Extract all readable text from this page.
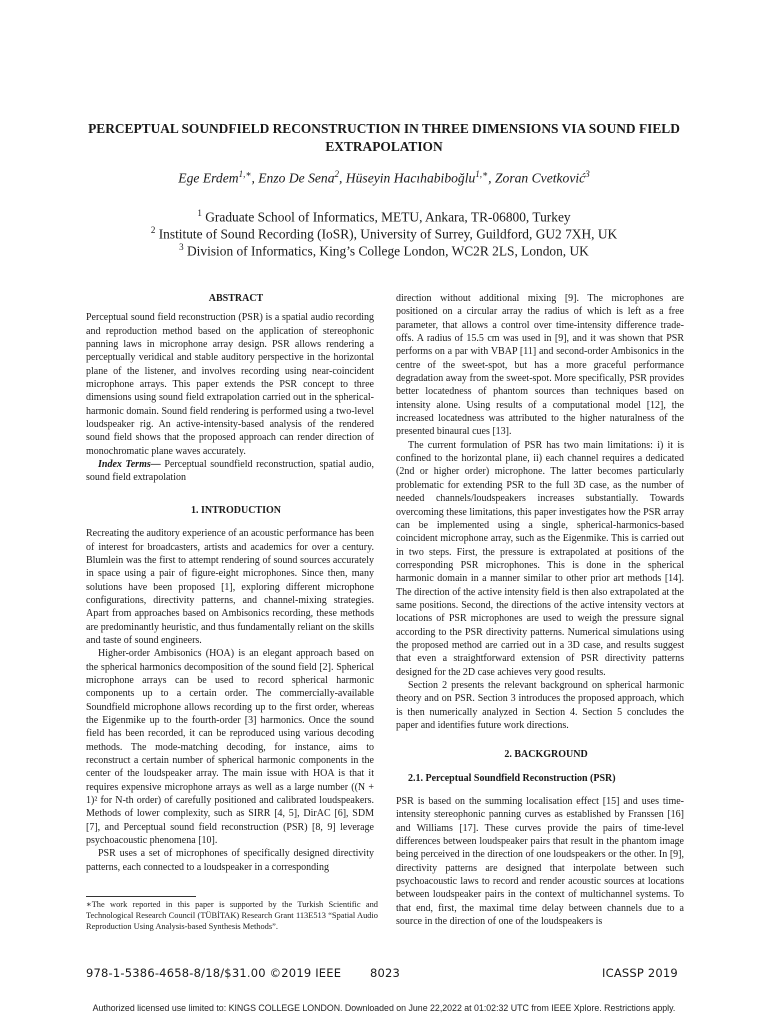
PERCEPTUAL SOUNDFIELD RECONSTRUCTION IN THREE DIMENSIONS VIA SOUND FIELD EXTRAPOLATION
Ege Erdem$^{1,∗}$, Enzo De Sena$^2$, Hüseyin Hacıhabiboğlu$^{1,∗}$, Zoran Cvetković$^3$
$^1$ Graduate School of Informatics, METU, Ankara, TR-06800, Turkey
$^2$ Institute of Sound Recording (IoSR), University of Surrey, Guildford, GU2 7XH, UK
$^3$ Division of Informatics, King’s College London, WC2R 2LS, London, UK

ABSTRACT

Perceptual sound field reconstruction (PSR) is a spatial audio recording and reproduction method based on the application of stereophonic panning laws in microphone array design. PSR allows rendering a perceptually veridical and stable auditory perspective in the horizontal plane of the listener, and involves recording using near-coincident microphone arrays. This paper extends the PSR concept to three dimensions using sound field extrapolation carried out in the spherical-harmonic domain. Sound field rendering is performed using a two-level loudspeaker rig. An active-intensity-based analysis of the rendered sound field shows that the proposed approach can render direction of monochromatic plane waves accurately.

Index Terms— Perceptual soundfield reconstruction, spatial audio, sound field extrapolation

1. INTRODUCTION

Recreating the auditory experience of an acoustic performance has been of interest for broadcasters, artists and academics for over a century. Blumlein was the first to attempt rendering of sound sources accurately in space using a pair of figure-eight microphones. Since then, many solutions have been proposed [1], exploring different microphone configurations, directivity patterns, and channel-mixing strategies. Apart from approaches based on Ambisonics recording, these methods are predominantly heuristic, and thus fundamentally reliant on the skills and taste of sound engineers.

Higher-order Ambisonics (HOA) is an elegant approach based on the spherical harmonics decomposition of the sound field [2]. Spherical microphone arrays can be used to record spherical harmonic components up to a certain order. The commercially-available Soundfield microphone allows recording up to the first order, whereas the Eigenmike up to the fourth-order [3] harmonics. Once the sound field has been recorded, it can be reproduced using various decoding methods. The mode-matching decoding, for instance, aims to reconstruct a certain number of spherical harmonic components in the center of the loudspeaker array. The main issue with HOA is that it requires expensive microphone arrays as well as a large number ((N + 1)² for N-th order) of carefully positioned and calibrated loudspeakers. Methods of lower complexity, such as SIRR [4, 5], DirAC [6], SDM [7], and Perceptual sound field reconstruction (PSR) [8, 9] leverage psychoacoustic phenomena [10].

PSR uses a set of microphones of specifically designed directivity patterns, each connected to a loudspeaker in a corresponding

∗The work reported in this paper is supported by the Turkish Scientific and Technological Research Council (TÜBİTAK) Research Grant 113E513 “Spatial Audio Reproduction Using Analysis-based Synthesis Methods”.

direction without additional mixing [9]. The microphones are positioned on a circular array the radius of which is left as a free parameter, that allows a control over time-intensity difference trade-offs. A radius of 15.5 cm was used in [9], and it was shown that PSR performs on a par with VBAP [11] and second-order Ambisonics in the centre of the sweet-spot, but has a more graceful performance degradation away from the sweet-spot. More specifically, PSR provides better locatedness of phantom sources than techniques based on intensity alone. Using results of a computational model [12], the increased locatedness was attributed to the higher naturalness of the presented binaural cues [13].

The current formulation of PSR has two main limitations: i) it is confined to the horizontal plane, ii) each channel requires a dedicated (2nd or higher order) microphone. The latter becomes particularly problematic for extending PSR to the full 3D case, as the number of needed channels/loudspeakers increases substantially. Towards overcoming these limitations, this paper investigates how the PSR array can be implemented using a single, spherical-harmonics-based coincident microphone array, such as the Eigenmike. This is carried out in two steps. First, the pressure is extrapolated at positions of the corresponding PSR microphones. This is done in the spherical harmonic domain in a manner similar to other prior art methods [14]. The direction of the active intensity field is then also extrapolated at the same positions. Second, the directions of the active intensity vectors at locations of PSR microphones are used to weigh the pressure signal according to the PSR directivity patterns. Numerical simulations using the proposed method are carried out in a 3D case, and results suggest that even a straightforward extension of PSR directivity patterns designed for the 2D case achieves very good results.

Section 2 presents the relevant background on spherical harmonic theory and on PSR. Section 3 introduces the proposed approach, which is then numerically analyzed in Section 4. Section 5 concludes the paper and identifies future work directions.

2. BACKGROUND

2.1. Perceptual Soundfield Reconstruction (PSR)

PSR is based on the summing localisation effect [15] and uses time-intensity stereophonic panning curves as established by Franssen [16] and Williams [17]. These curves provide the pairs of time-level differences between loudspeaker pairs that result in the phantom image being perceived in the direction of one loudspeakers or the other. In [9], directivity patterns are designed that interpolate between such psychoacoustic laws to record and render acoustic sources at locations between loudspeaker pairs in the context of multichannel systems. To that end, first, the maximal time delay between channels due to a source in the direction of one of the loudspeakers is

978-1-5386-4658-8/18/$31.00 ©2019 IEEE	8023	ICASSP 2019
Authorized licensed use limited to: KINGS COLLEGE LONDON. Downloaded on June 22,2022 at 01:02:32 UTC from IEEE Xplore. Restrictions apply.
